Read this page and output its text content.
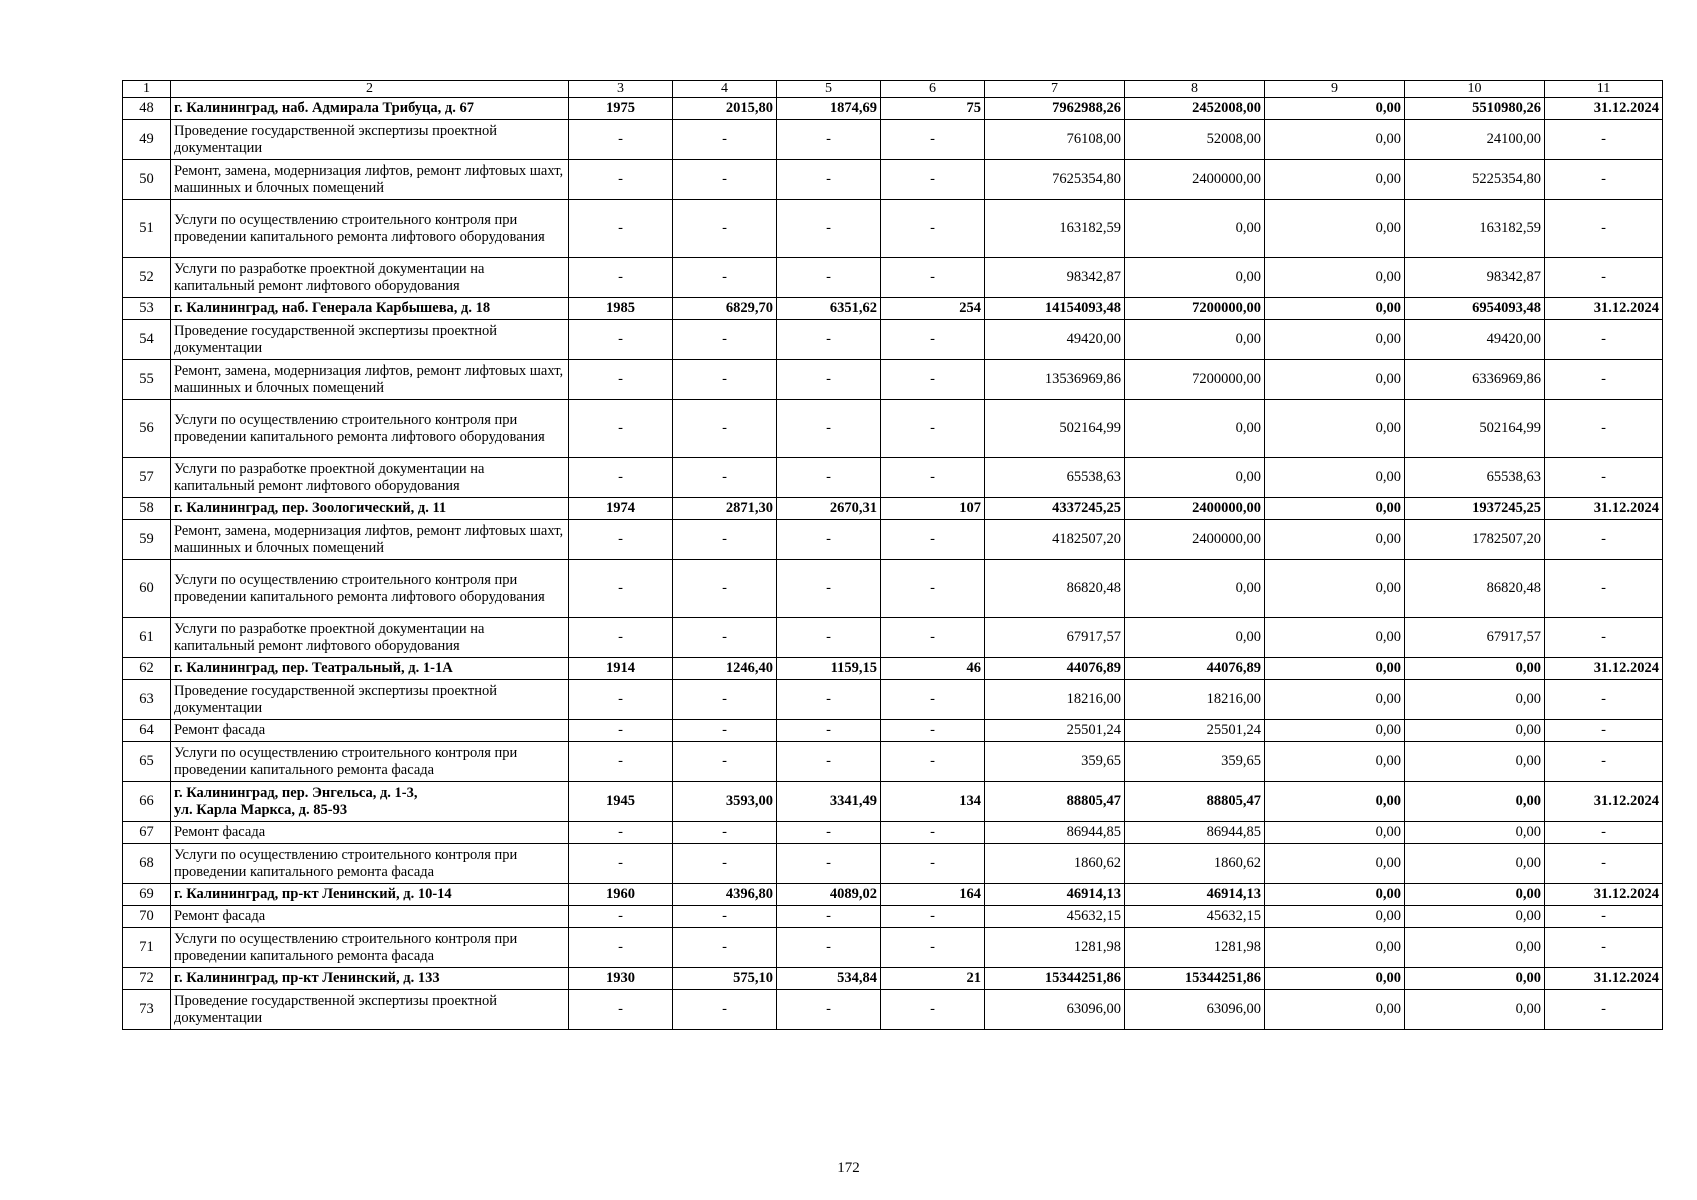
1	2	3	4	5	6	7	8	9	10	11
48	г. Калининград, наб. Адмирала Трибуца, д. 67	1975	2015,80	1874,69	75	7962988,26	2452008,00	0,00	5510980,26	31.12.2024
49	Проведение государственной экспертизы проектной документации	-	-	-	-	76108,00	52008,00	0,00	24100,00	-
50	Ремонт, замена, модернизация лифтов, ремонт лифтовых шахт, машинных и блочных помещений	-	-	-	-	7625354,80	2400000,00	0,00	5225354,80	-
51	Услуги по осуществлению строительного контроля при проведении капитального ремонта лифтового оборудования	-	-	-	-	163182,59	0,00	0,00	163182,59	-
52	Услуги по разработке проектной документации на капитальный ремонт лифтового оборудования	-	-	-	-	98342,87	0,00	0,00	98342,87	-
53	г. Калининград, наб. Генерала Карбышева, д. 18	1985	6829,70	6351,62	254	14154093,48	7200000,00	0,00	6954093,48	31.12.2024
54	Проведение государственной экспертизы проектной документации	-	-	-	-	49420,00	0,00	0,00	49420,00	-
55	Ремонт, замена, модернизация лифтов, ремонт лифтовых шахт, машинных и блочных помещений	-	-	-	-	13536969,86	7200000,00	0,00	6336969,86	-
56	Услуги по осуществлению строительного контроля при проведении капитального ремонта лифтового оборудования	-	-	-	-	502164,99	0,00	0,00	502164,99	-
57	Услуги по разработке проектной документации на капитальный ремонт лифтового оборудования	-	-	-	-	65538,63	0,00	0,00	65538,63	-
58	г. Калининград, пер. Зоологический, д. 11	1974	2871,30	2670,31	107	4337245,25	2400000,00	0,00	1937245,25	31.12.2024
59	Ремонт, замена, модернизация лифтов, ремонт лифтовых шахт, машинных и блочных помещений	-	-	-	-	4182507,20	2400000,00	0,00	1782507,20	-
60	Услуги по осуществлению строительного контроля при проведении капитального ремонта лифтового оборудования	-	-	-	-	86820,48	0,00	0,00	86820,48	-
61	Услуги по разработке проектной документации на капитальный ремонт лифтового оборудования	-	-	-	-	67917,57	0,00	0,00	67917,57	-
62	г. Калининград, пер. Театральный, д. 1-1А	1914	1246,40	1159,15	46	44076,89	44076,89	0,00	0,00	31.12.2024
63	Проведение государственной экспертизы проектной документации	-	-	-	-	18216,00	18216,00	0,00	0,00	-
64	Ремонт фасада	-	-	-	-	25501,24	25501,24	0,00	0,00	-
65	Услуги по осуществлению строительного контроля при проведении капитального ремонта фасада	-	-	-	-	359,65	359,65	0,00	0,00	-
66	г. Калининград, пер. Энгельса, д. 1-3,
ул. Карла Маркса, д. 85-93	1945	3593,00	3341,49	134	88805,47	88805,47	0,00	0,00	31.12.2024
67	Ремонт фасада	-	-	-	-	86944,85	86944,85	0,00	0,00	-
68	Услуги по осуществлению строительного контроля при проведении капитального ремонта фасада	-	-	-	-	1860,62	1860,62	0,00	0,00	-
69	г. Калининград, пр-кт Ленинский, д. 10-14	1960	4396,80	4089,02	164	46914,13	46914,13	0,00	0,00	31.12.2024
70	Ремонт фасада	-	-	-	-	45632,15	45632,15	0,00	0,00	-
71	Услуги по осуществлению строительного контроля при проведении капитального ремонта фасада	-	-	-	-	1281,98	1281,98	0,00	0,00	-
72	г. Калининград, пр-кт Ленинский, д. 133	1930	575,10	534,84	21	15344251,86	15344251,86	0,00	0,00	31.12.2024
73	Проведение государственной экспертизы проектной документации	-	-	-	-	63096,00	63096,00	0,00	0,00	-
172
